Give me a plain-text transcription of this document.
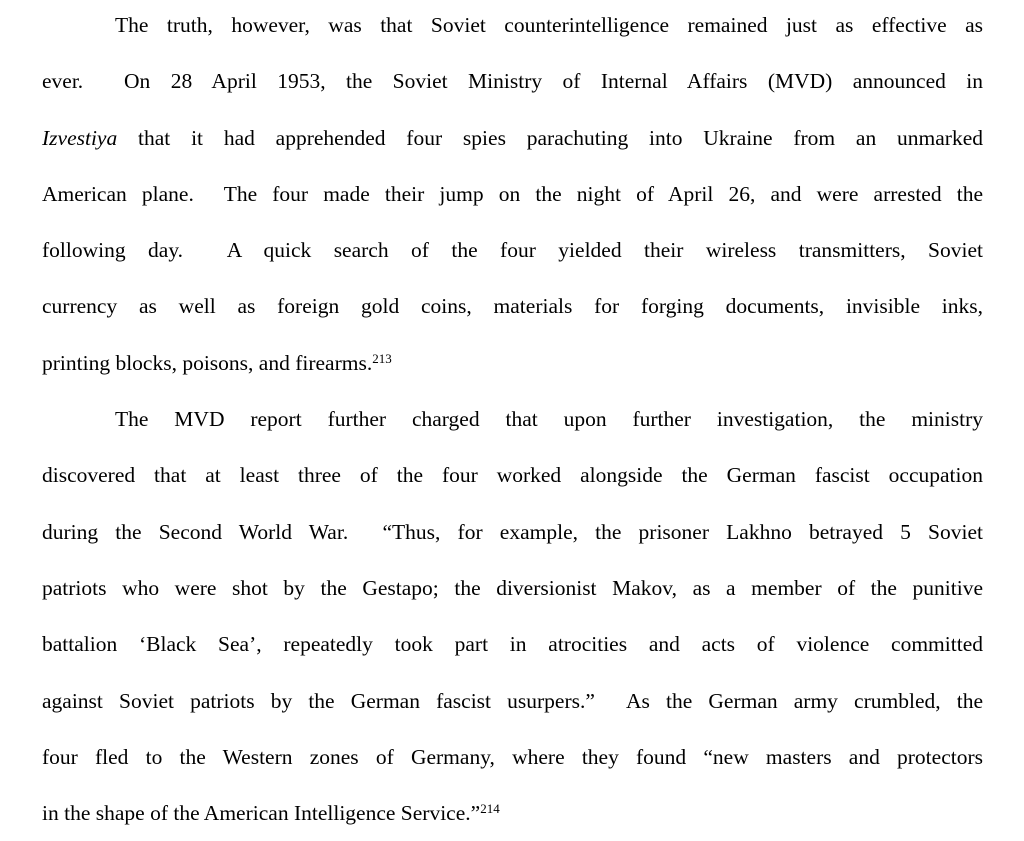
The truth, however, was that Soviet counterintelligence remained just as effective as
ever.  On 28 April 1953, the Soviet Ministry of Internal Affairs (MVD) announced in
Izvestiya that it had apprehended four spies parachuting into Ukraine from an unmarked
American plane.  The four made their jump on the night of April 26, and were arrested the
following day.  A quick search of the four yielded their wireless transmitters, Soviet
currency as well as foreign gold coins, materials for forging documents, invisible inks,
printing blocks, poisons, and firearms.$^{213}$
The MVD report further charged that upon further investigation, the ministry
discovered that at least three of the four worked alongside the German fascist occupation
during the Second World War.  “Thus, for example, the prisoner Lakhno betrayed 5 Soviet
patriots who were shot by the Gestapo; the diversionist Makov, as a member of the punitive
battalion ‘Black Sea’, repeatedly took part in atrocities and acts of violence committed
against Soviet patriots by the German fascist usurpers.”  As the German army crumbled, the
four fled to the Western zones of Germany, where they found “new masters and protectors
in the shape of the American Intelligence Service.”$^{214}$
